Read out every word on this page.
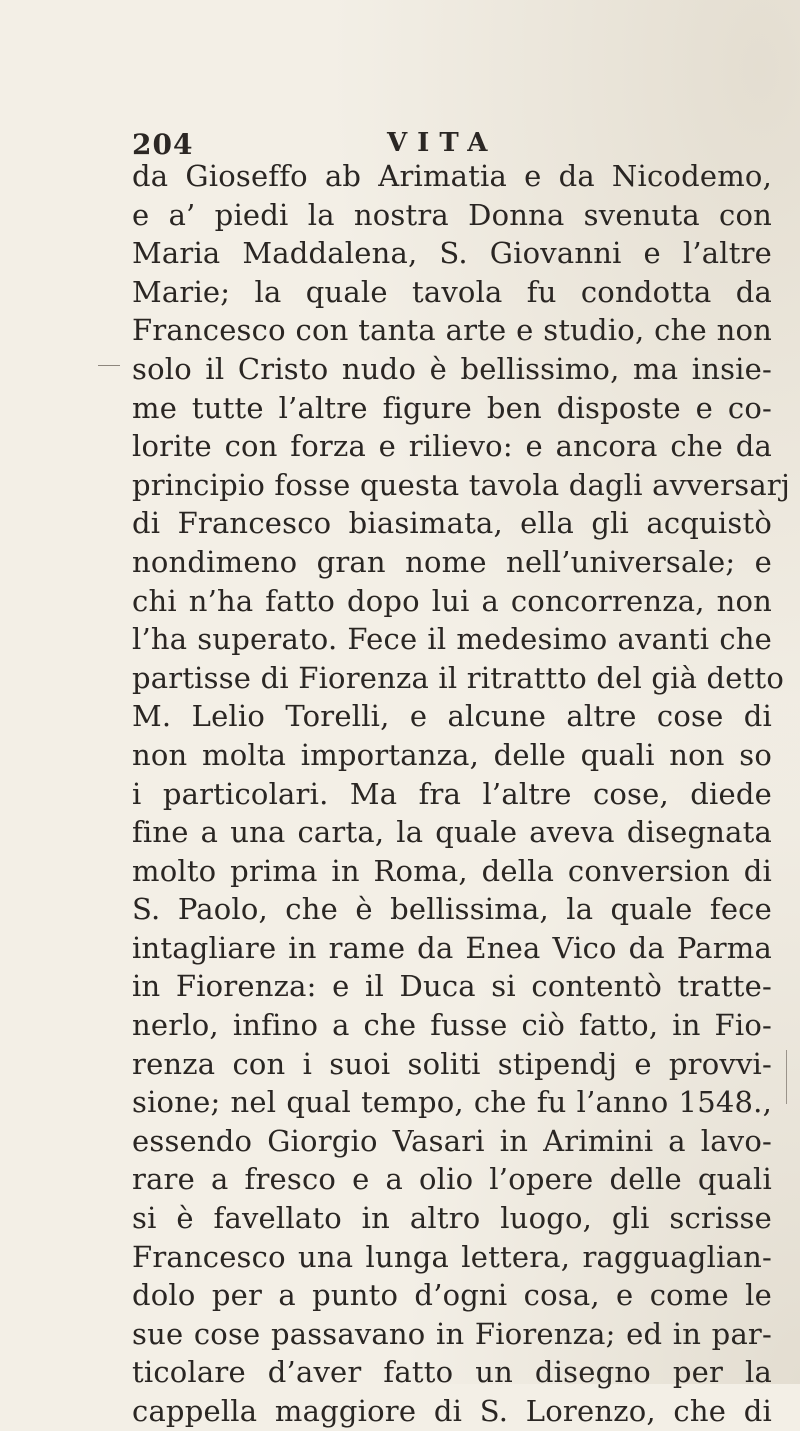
204	VITA
da Gioseffo ab Arimatia e da Nicodemo,
e a’ piedi la nostra Donna svenuta con
Maria Maddalena, S. Giovanni e l’altre
Marie; la quale tavola fu condotta da
Francesco con tanta arte e studio, che non
solo il Cristo nudo è bellissimo, ma insie-
me tutte l’altre figure ben disposte e co-
lorite con forza e rilievo: e ancora che da
principio fosse questa tavola dagli avversarj
di Francesco biasimata, ella gli acquistò
nondimeno gran nome nell’universale; e
chi n’ha fatto dopo lui a concorrenza, non
l’ha superato. Fece il medesimo avanti che
partisse di Fiorenza il ritrattto del già detto
M. Lelio Torelli, e alcune altre cose di
non molta importanza, delle quali non so
i particolari. Ma fra l’altre cose, diede
fine a una carta, la quale aveva disegnata
molto prima in Roma, della conversion di
S. Paolo, che è bellissima, la quale fece
intagliare in rame da Enea Vico da Parma
in Fiorenza: e il Duca si contentò tratte-
nerlo, infino a che fusse ciò fatto, in Fio-
renza con i suoi soliti stipendj e provvi-
sione; nel qual tempo, che fu l’anno 1548.,
essendo Giorgio Vasari in Arimini a lavo-
rare a fresco e a olio l’opere delle quali
si è favellato in altro luogo, gli scrisse
Francesco una lunga lettera, ragguaglian-
dolo per a punto d’ogni cosa, e come le
sue cose passavano in Fiorenza; ed in par-
ticolare d’aver fatto un disegno per la
cappella maggiore di S. Lorenzo, che di
